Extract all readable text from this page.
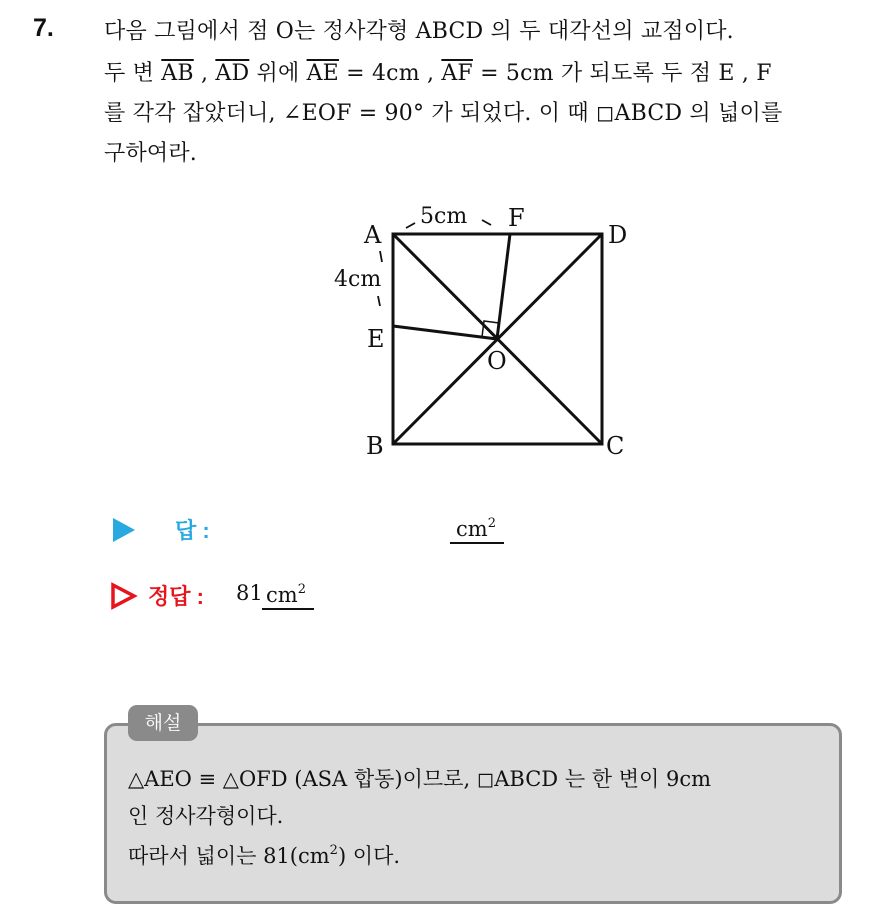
7. 다음 그림에서 점 O는 정사각형 ABCD 의 두 대각선의 교점이다.
두 변 $\overline{AB}$ , $\overline{AD}$ 위에 $\overline{AE} = 4cm$ , $\overline{AF} = 5cm$ 가 되도록 두 점 E , F
를 각각 잡았더니, ∠EOF = 90° 가 되었다. 이 때 ◻ABCD 의 넓이를
구하여라.
A	D
B	C
E
F
O
5cm
4cm
답 :	$cm^2$
정답 : 81 $cm^2$
해설
△AEO ≡ △OFD (ASA 합동)이므로, ◻ABCD 는 한 변이 9cm
인 정사각형이다.
따라서 넓이는 $81(cm^2)$ 이다.
